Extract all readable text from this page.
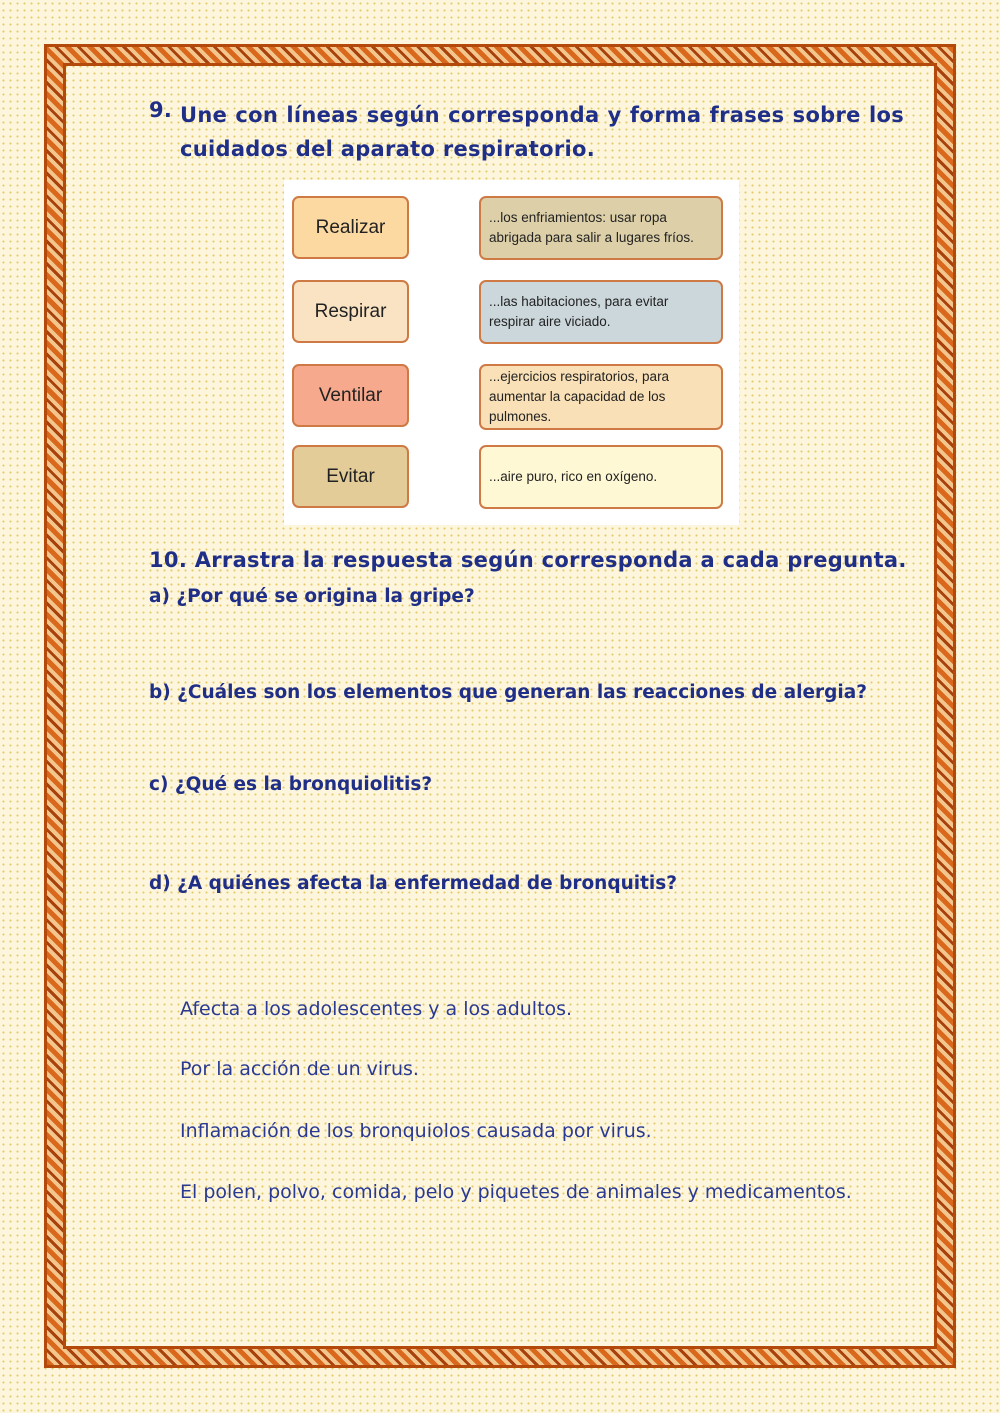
9. Une con líneas según corresponda y forma frases sobre los cuidados del aparato respiratorio.
Realizar
Respirar
Ventilar
Evitar
...los enfriamientos: usar ropa abrigada para salir a lugares fríos.
...las habitaciones, para evitar respirar aire viciado.
...ejercicios respiratorios, para aumentar la capacidad de los pulmones.
...aire puro, rico en oxígeno.
10. Arrastra la respuesta según corresponda a cada pregunta.
a) ¿Por qué se origina la gripe?
b) ¿Cuáles son los elementos que generan las reacciones de alergia?
c) ¿Qué es la bronquiolitis?
d) ¿A quiénes afecta la enfermedad de bronquitis?
Afecta a los adolescentes y a los adultos.
Por la acción de un virus.
Inflamación de los bronquiolos causada por virus.
El polen, polvo, comida, pelo y piquetes de animales y medicamentos.
